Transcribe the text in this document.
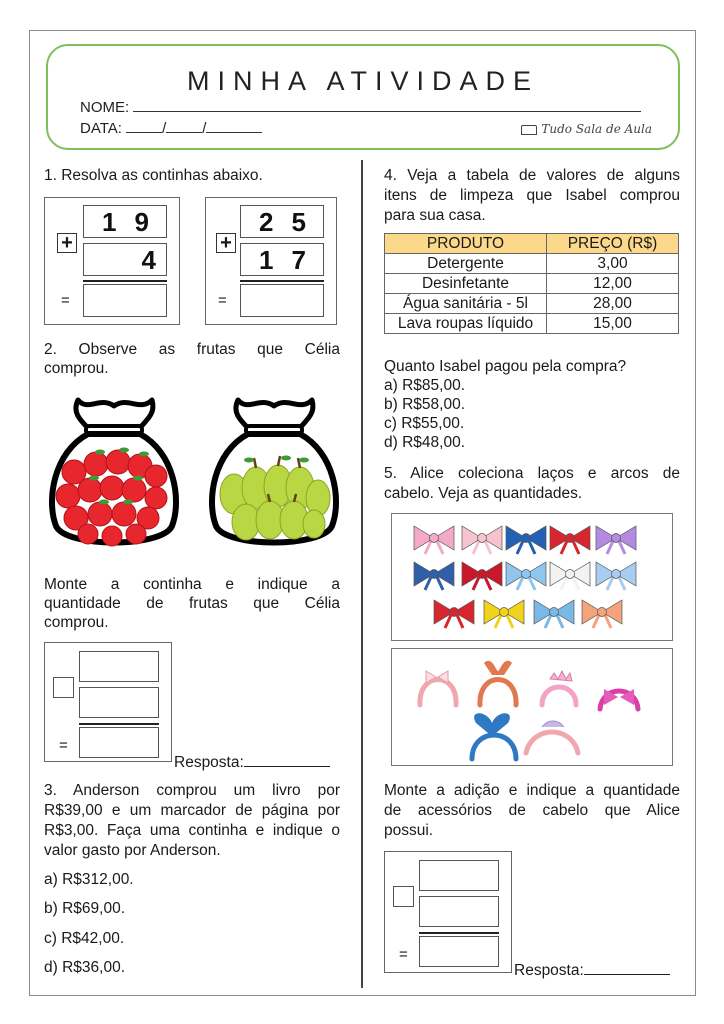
MINHA ATIVIDADE
NOME:
DATA:	/ /	Tudo Sala de Aula
1. Resolva as continhas abaixo.
+
19
4
=
+
25
17
=
2. Observe as frutas que Célia
comprou.
Monte a continha e indique a
quantidade de frutas que Célia
comprou.
=
Resposta:
3. Anderson comprou um livro por
R$39,00 e um marcador de página por
R$3,00. Faça uma continha e indique o
valor gasto por Anderson.
a) R$312,00.
b) R$69,00.
c) R$42,00.
d) R$36,00.
4. Veja a tabela de valores de alguns
itens de limpeza que Isabel comprou
para sua casa.
PRODUTO	PREÇO (R$)
Detergente	3,00
Desinfetante	12,00
Água sanitária - 5l	28,00
Lava roupas líquido	15,00
Quanto Isabel pagou pela compra?
a) R$85,00.
b) R$58,00.
c) R$55,00.
d) R$48,00.
5. Alice coleciona laços e arcos de
cabelo. Veja as quantidades.
Monte a adição e indique a quantidade
de acessórios de cabelo que Alice
possui.
=
Resposta:
